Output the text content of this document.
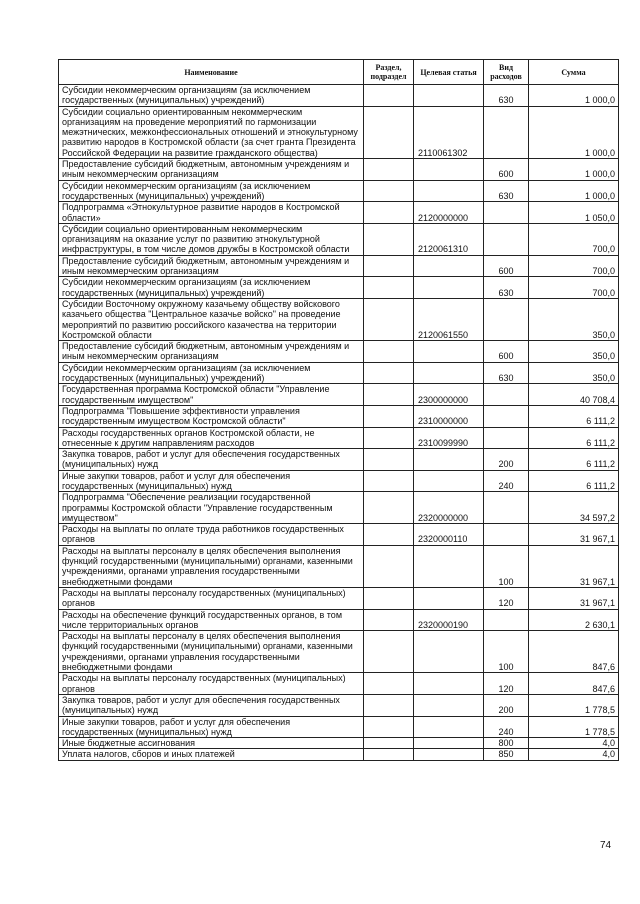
Наименование	Раздел, подраздел	Целевая статья	Вид расходов	Сумма
Субсидии некоммерческим организациям (за исключением государственных (муниципальных) учреждений)			630	1 000,0
Субсидии социально ориентированным некоммерческим организациям на проведение мероприятий по гармонизации межэтнических, межконфессиональных отношений и этнокультурному развитию народов в Костромской области (за счет гранта Президента Российской Федерации на развитие гражданского общества)		2110061302		1 000,0
Предоставление субсидий бюджетным, автономным учреждениям и иным некоммерческим организациям			600	1 000,0
Субсидии некоммерческим организациям (за исключением государственных (муниципальных) учреждений)			630	1 000,0
Подпрограмма «Этнокультурное развитие народов в Костромской области»		2120000000		1 050,0
Субсидии социально ориентированным некоммерческим организациям на оказание услуг по развитию этнокультурной инфраструктуры, в том числе домов дружбы в Костромской области		2120061310		700,0
Предоставление субсидий бюджетным, автономным учреждениям и иным некоммерческим организациям			600	700,0
Субсидии некоммерческим организациям (за исключением государственных (муниципальных) учреждений)			630	700,0
Субсидии Восточному окружному казачьему обществу войскового казачьего общества "Центральное казачье войско" на проведение мероприятий по развитию российского казачества на территории Костромской области		2120061550		350,0
Предоставление субсидий бюджетным, автономным учреждениям и иным некоммерческим организациям			600	350,0
Субсидии некоммерческим организациям (за исключением государственных (муниципальных) учреждений)			630	350,0
Государственная программа Костромской области "Управление государственным имуществом"		2300000000		40 708,4
Подпрограмма "Повышение эффективности управления государственным имуществом Костромской области"		2310000000		6 111,2
Расходы государственных органов Костромской области, не отнесенные к другим направлениям расходов		2310099990		6 111,2
Закупка товаров, работ и услуг для обеспечения государственных (муниципальных) нужд			200	6 111,2
Иные закупки товаров, работ и услуг для обеспечения государственных (муниципальных) нужд			240	6 111,2
Подпрограмма "Обеспечение реализации государственной программы Костромской области "Управление государственным имуществом"		2320000000		34 597,2
Расходы на выплаты по оплате труда работников государственных органов		2320000110		31 967,1
Расходы на выплаты персоналу в целях обеспечения выполнения функций государственными (муниципальными) органами, казенными учреждениями, органами управления государственными внебюджетными фондами			100	31 967,1
Расходы на выплаты персоналу государственных (муниципальных) органов			120	31 967,1
Расходы на обеспечение функций государственных органов, в том числе территориальных органов		2320000190		2 630,1
Расходы на выплаты персоналу в целях обеспечения выполнения функций государственными (муниципальными) органами, казенными учреждениями, органами управления государственными внебюджетными фондами			100	847,6
Расходы на выплаты персоналу государственных (муниципальных) органов			120	847,6
Закупка товаров, работ и услуг для обеспечения государственных (муниципальных) нужд			200	1 778,5
Иные закупки товаров, работ и услуг для обеспечения государственных (муниципальных) нужд			240	1 778,5
Иные бюджетные ассигнования			800	4,0
Уплата налогов, сборов и иных платежей			850	4,0
74
